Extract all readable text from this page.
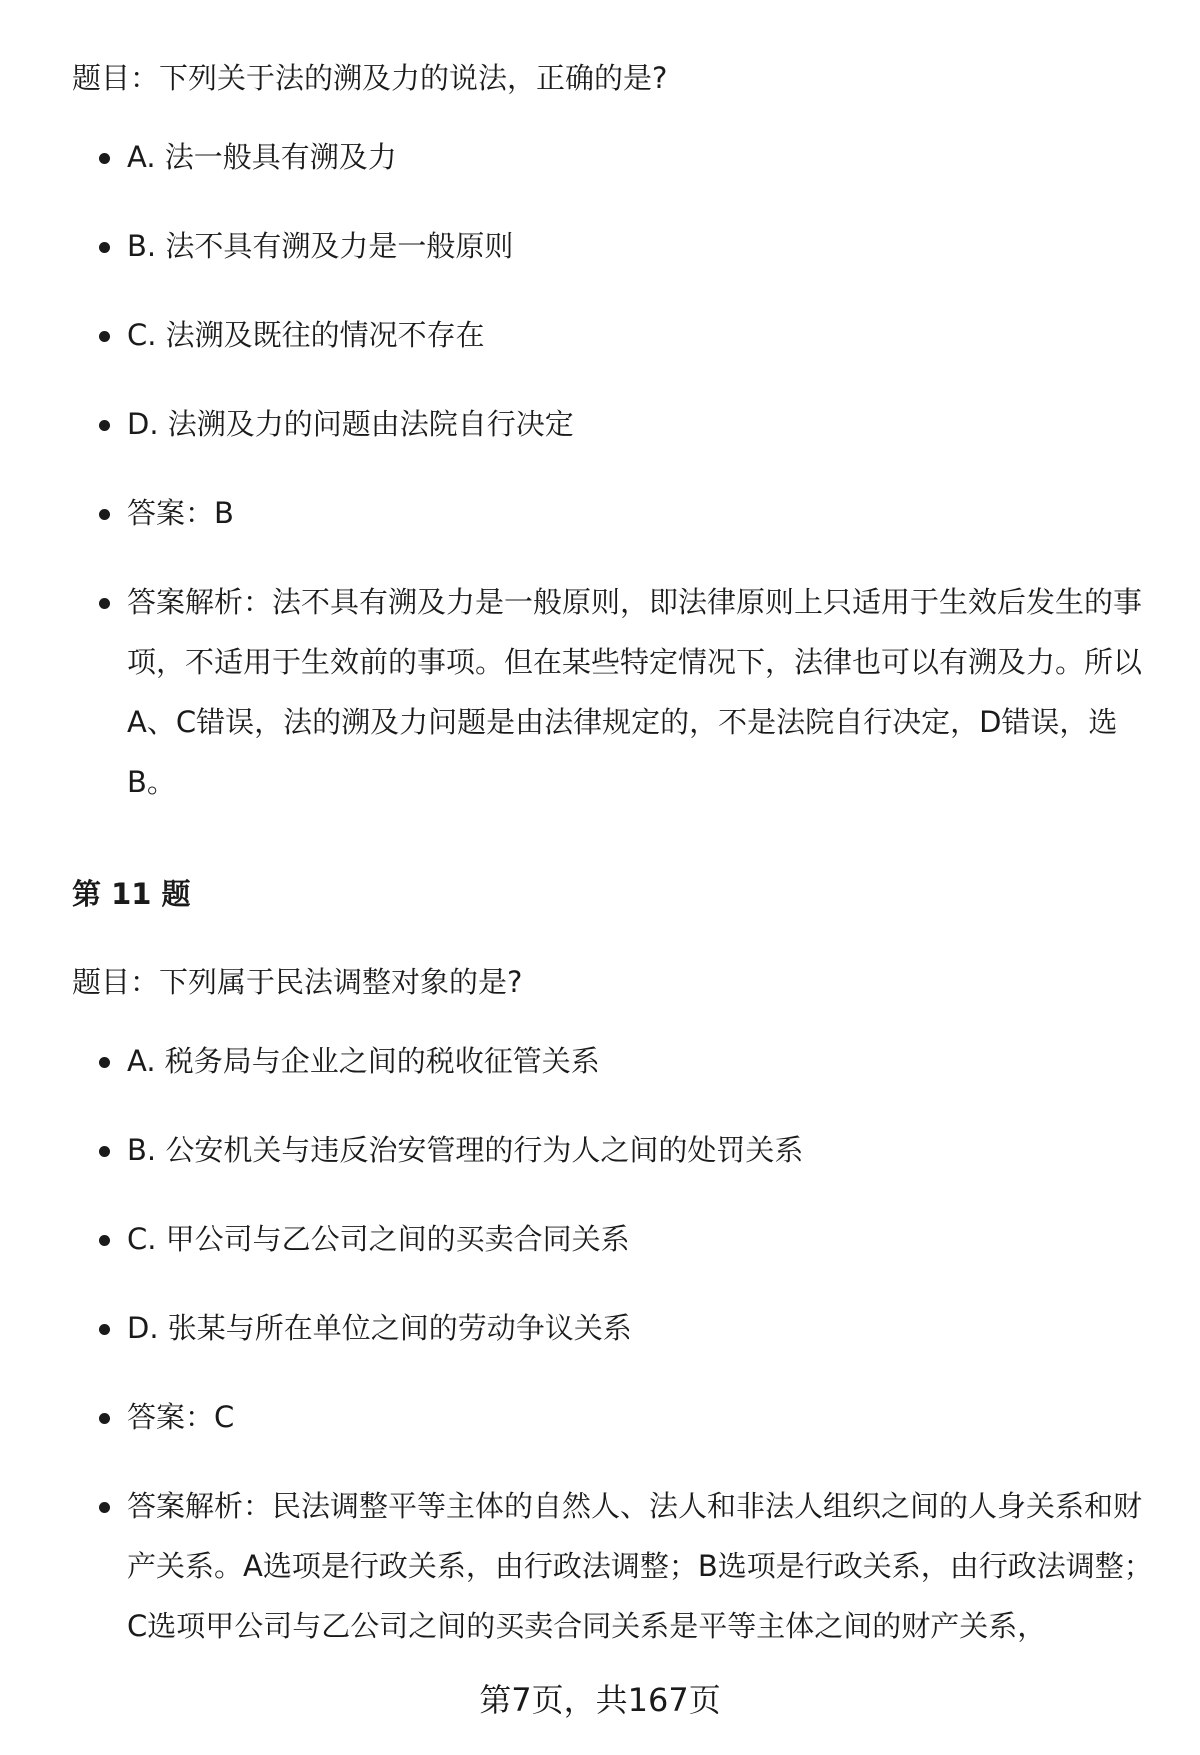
题目：下列关于法的溯及力的说法，正确的是?

A. 法一般具有溯及力
B. 法不具有溯及力是一般原则
C. 法溯及既往的情况不存在
D. 法溯及力的问题由法院自行决定
答案：B
答案解析：法不具有溯及力是一般原则，即法律原则上只适用于生效后发生的事项，不适用于生效前的事项。但在某些特定情况下，法律也可以有溯及力。所以A、C错误，法的溯及力问题是由法律规定的，不是法院自行决定，D错误，选B。
第 11 题

题目：下列属于民法调整对象的是?

A. 税务局与企业之间的税收征管关系
B. 公安机关与违反治安管理的行为人之间的处罚关系
C. 甲公司与乙公司之间的买卖合同关系
D. 张某与所在单位之间的劳动争议关系
答案：C
答案解析：民法调整平等主体的自然人、法人和非法人组织之间的人身关系和财产关系。A选项是行政关系，由行政法调整；B选项是行政关系，由行政法调整；C选项甲公司与乙公司之间的买卖合同关系是平等主体之间的财产关系，
第7页，共167页
